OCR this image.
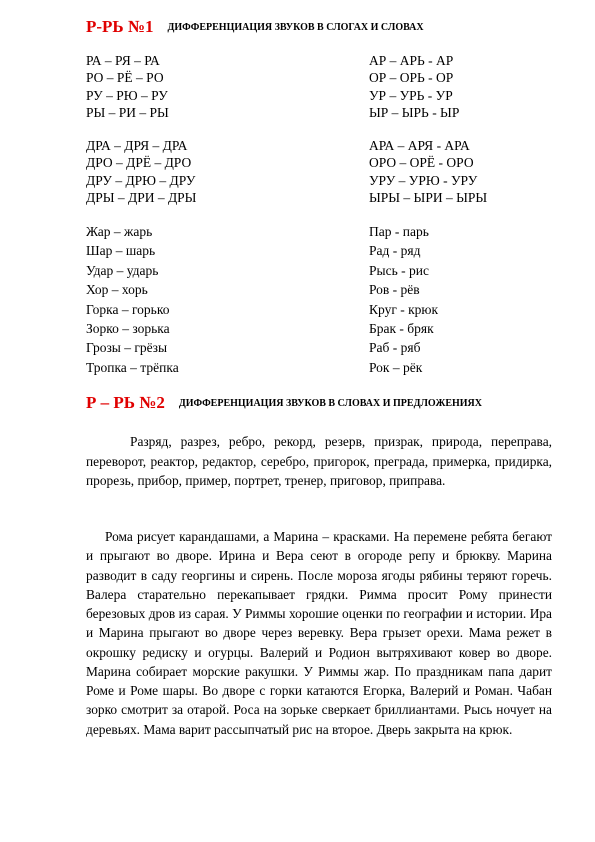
Р-РЬ №1 ДИФФЕРЕНЦИАЦИЯ ЗВУКОВ В СЛОГАХ И СЛОВАХ
РА – РЯ – РА
РО – РЁ – РО
РУ – РЮ – РУ
РЫ – РИ – РЫ
АР – АРЬ - АР
ОР – ОРЬ - ОР
УР – УРЬ - УР
ЫР – ЫРЬ - ЫР
ДРА – ДРЯ – ДРА
ДРО – ДРЁ – ДРО
ДРУ – ДРЮ – ДРУ
ДРЫ – ДРИ – ДРЫ
АРА – АРЯ - АРА
ОРО – ОРЁ - ОРО
УРУ – УРЮ - УРУ
ЫРЫ – ЫРИ – ЫРЫ
Жар – жарь
Шар – шарь
Удар – ударь
Хор – хорь
Горка – горько
Зорко – зорька
Грозы – грёзы
Тропка – трёпка
Пар - парь
Рад - ряд
Рысь - рис
Ров - рёв
Круг - крюк
Брак - бряк
Раб - ряб
Рок – рёк
Р – РЬ №2 ДИФФЕРЕНЦИАЦИЯ ЗВУКОВ В СЛОВАХ И ПРЕДЛОЖЕНИЯХ

Разряд, разрез, ребро, рекорд, резерв, призрак, природа, переправа, переворот, реактор, редактор, серебро, пригорок, преграда, примерка, придирка, прорезь, прибор, пример, портрет, тренер, приговор, приправа.

Рома рисует карандашами, а Марина – красками. На перемене ребята бегают и прыгают во дворе. Ирина и Вера сеют в огороде репу и брюкву. Марина разводит в саду георгины и сирень. После мороза ягоды рябины теряют горечь. Валера старательно перекапывает грядки. Римма просит Рому принести березовых дров из сарая. У Риммы хорошие оценки по географии и истории. Ира и Марина прыгают во дворе через веревку. Вера грызет орехи. Мама режет в окрошку редиску и огурцы. Валерий и Родион вытряхивают ковер во дворе. Марина собирает морские ракушки. У Риммы жар. По праздникам папа дарит Роме и Роме шары. Во дворе с горки катаются Егорка, Валерий и Роман. Чабан зорко смотрит за отарой. Роса на зорьке сверкает бриллиантами. Рысь ночует на деревьях. Мама варит рассыпчатый рис на второе. Дверь закрыта на крюк.
